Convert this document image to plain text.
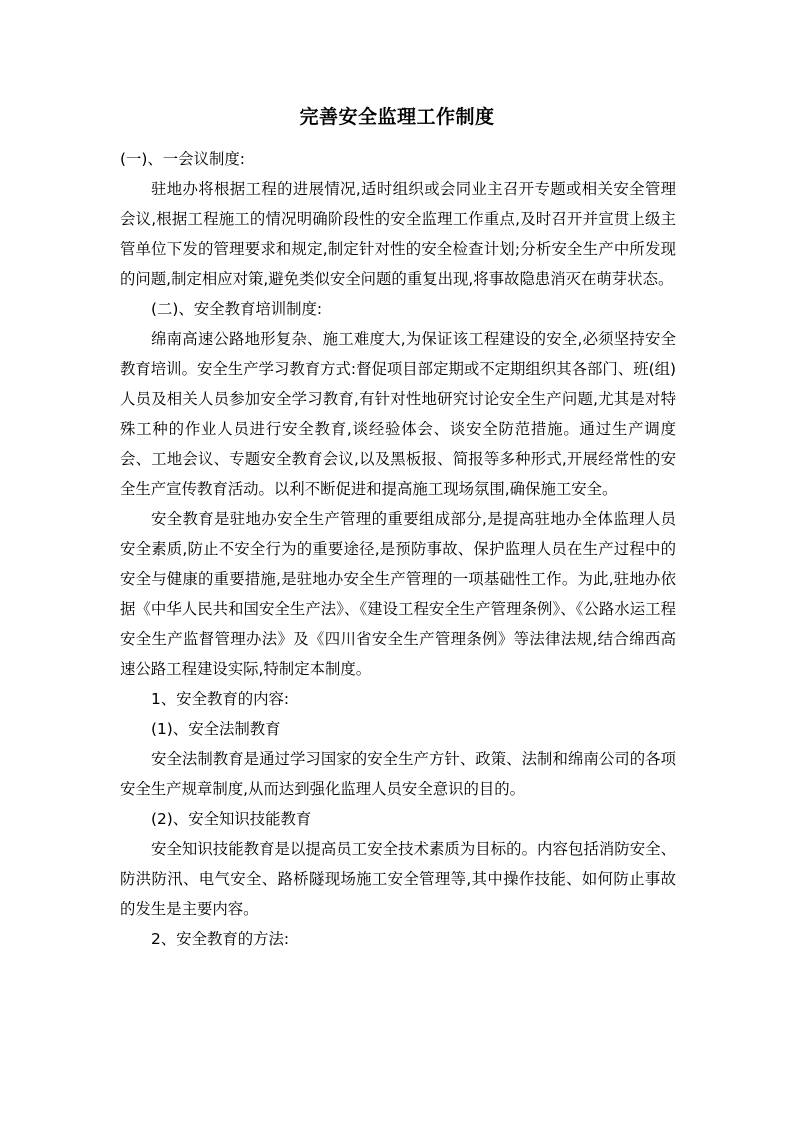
完善安全监理工作制度

(一)、一会议制度:

驻地办将根据工程的进展情况,适时组织或会同业主召开专题或相关安全管理会议,根据工程施工的情况明确阶段性的安全监理工作重点,及时召开并宣贯上级主管单位下发的管理要求和规定,制定针对性的安全检查计划;分析安全生产中所发现的问题,制定相应对策,避免类似安全问题的重复出现,将事故隐患消灭在萌芽状态。

(二)、安全教育培训制度:

绵南高速公路地形复杂、施工难度大,为保证该工程建设的安全,必须坚持安全教育培训。安全生产学习教育方式:督促项目部定期或不定期组织其各部门、班(组)人员及相关人员参加安全学习教育,有针对性地研究讨论安全生产问题,尤其是对特殊工种的作业人员进行安全教育,谈经验体会、谈安全防范措施。通过生产调度会、工地会议、专题安全教育会议,以及黑板报、简报等多种形式,开展经常性的安全生产宣传教育活动。以利不断促进和提高施工现场氛围,确保施工安全。

安全教育是驻地办安全生产管理的重要组成部分,是提高驻地办全体监理人员安全素质,防止不安全行为的重要途径,是预防事故、保护监理人员在生产过程中的安全与健康的重要措施,是驻地办安全生产管理的一项基础性工作。为此,驻地办依据《中华人民共和国安全生产法》、《建设工程安全生产管理条例》、《公路水运工程安全生产监督管理办法》及《四川省安全生产管理条例》等法律法规,结合绵西高速公路工程建设实际,特制定本制度。

1、安全教育的内容:

(1)、安全法制教育

安全法制教育是通过学习国家的安全生产方针、政策、法制和绵南公司的各项安全生产规章制度,从而达到强化监理人员安全意识的目的。

(2)、安全知识技能教育

安全知识技能教育是以提高员工安全技术素质为目标的。内容包括消防安全、防洪防汛、电气安全、路桥隧现场施工安全管理等,其中操作技能、如何防止事故的发生是主要内容。

2、安全教育的方法:
